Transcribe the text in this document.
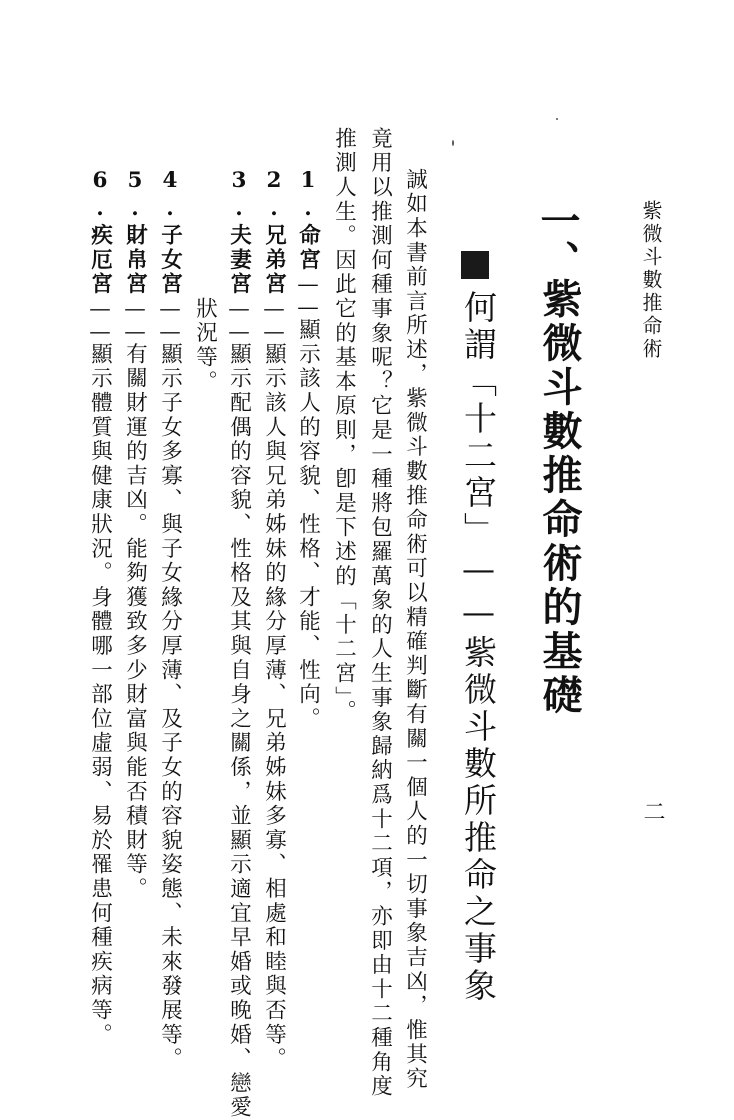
紫微斗數推命術
二
一、
紫微斗數推命術的基礎
何謂「十二宮」——紫微斗數所推命之事象
誠如本書前言所述，紫微斗數推命術可以精確判斷有關一個人的一切事象吉凶，惟其究
竟用以推測何種事象呢？它是一種將包羅萬象的人生事象歸納爲十二項，亦即由十二種角度
推測人生。因此它的基本原則，卽是下述的「十二宮」。
1.命宮——顯示該人的容貌、性格、才能、性向。
2.兄弟宮——顯示該人與兄弟姊妹的緣分厚薄、兄弟姊妹多寡、相處和睦與否等。
3.夫妻宮——顯示配偶的容貌、性格及其與自身之關係，並顯示適宜早婚或晚婚、戀愛
狀況等。
4.子女宮——顯示子女多寡、與子女緣分厚薄、及子女的容貌姿態、未來發展等。
5.財帛宮——有關財運的吉凶。能夠獲致多少財富與能否積財等。
6.疾厄宮——顯示體質與健康狀況。身體哪一部位虛弱、易於罹患何種疾病等。
